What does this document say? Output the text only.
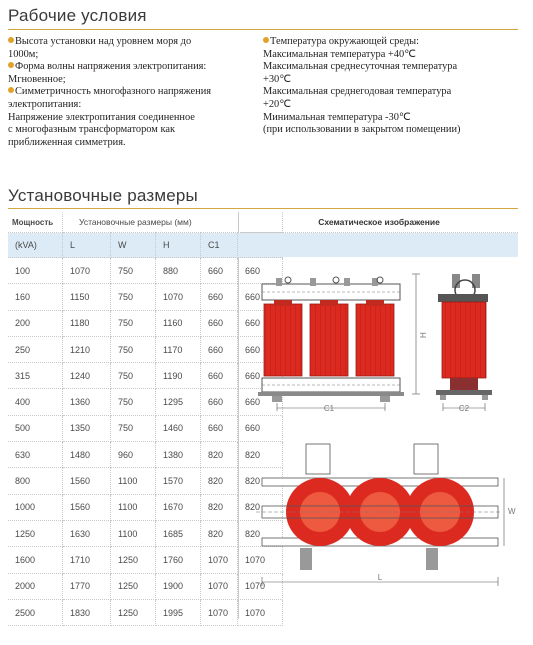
Рабочие условия

Высота установки над уровнем моря до

1000м;

Форма волны напряжения электропитания:

Мгновенное;

Симметричность многофазного напряжения

электропитания:

Напряжение электропитания соединенное

с многофазным трансформатором как

приближенная симметрия.

Температура окружающей среды:

Максимальная температура +40℃

Максимальная среднесуточная температура

+30℃

Максимальная среднегодовая температура

+20℃

Минимальная температура -30℃

(при использовании в закрытом помещении)

Установочные размеры
Мощность	Установочные размеры (мм)				
(kVA)	L	W	H	C1	
100	1070	750	880	660	660
160	1150	750	1070	660	660
200	1180	750	1160	660	660
250	1210	750	1170	660	660
315	1240	750	1190	660	660
400	1360	750	1295	660	660
500	1350	750	1460	660	660
630	1480	960	1380	820	820
800	1560	1100	1570	820	820
1000	1560	1100	1670	820	820
1250	1630	1100	1685	820	820
1600	1710	1250	1760	1070	1070
2000	1770	1250	1900	1070	1070
2500	1830	1250	1995	1070	1070
Схематическое изображение
C1
H
C2
L
W
